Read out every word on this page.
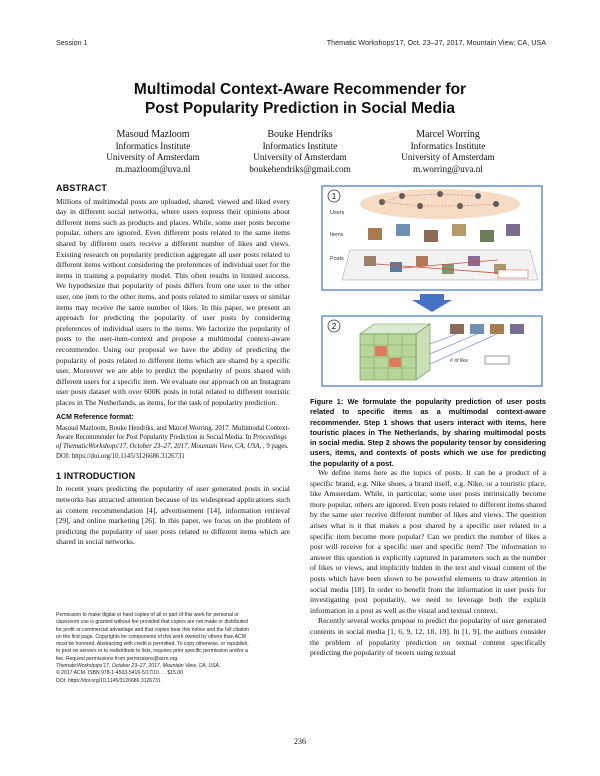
Session 1	Thematic Workshops'17, Oct. 23–27, 2017, Mountain View, CA, USA
Multimodal Context-Aware Recommender for
Post Popularity Prediction in Social Media
Masoud Mazloom
Informatics Institute
University of Amsterdam
m.mazloom@uva.nl
Bouke Hendriks
Informatics Institute
University of Amsterdam
boukehendriks@gmail.com
Marcel Worring
Informatics Institute
University of Amsterdam
m.worring@uva.nl
ABSTRACT

Millions of multimodal posts are uploaded, shared, viewed and liked every day in different social networks, where users express their opinions about different items such as products and places. While, some user posts become popular, others are ignored. Even different posts related to the same items shared by different users receive a different number of likes and views. Existing research on popularity prediction aggregate all user posts related to different items without considering the preferences of individual user for the items in training a popularity model. This often results in limited success. We hypothesize that popularity of posts differs from one user to the other user, one item to the other items, and posts related to similar users or similar items may receive the same number of likes. In this paper, we present an approach for predicting the popularity of user posts by considering preferences of individual users to the items. We factorize the popularity of posts to the user-item-context and propose a multimodal context-aware recommender. Using our proposal we have the ability of predicting the popularity of posts related to different items which are shared by a specific user. Moreover we are able to predict the popularity of posts shared with different users for a specific item. We evaluate our approach on an Instagram user posts dataset with over 600K posts in total related to different touristic places in The Netherlands, as items, for the task of popularity prediction.

ACM Reference format:
Masoud Mazloom, Bouke Hendriks, and Marcel Worring. 2017. Multimodal Context-Aware Recommender for Post Popularity Prediction in Social Media. In Proceedings of ThematicWorkshops'17, October 23–27, 2017, Mountain View, CA, USA, , 9 pages.
DOI: https://doi.org/10.1145/3126686.3126731
1 INTRODUCTION

In recent years predicting the popularity of user generated posts in social networks has attracted attention because of its widespread applications such as content recommendation [4], advertisement [14], information retrieval [29], and online marketing [26]. In this paper, we focus on the problem of predicting the popularity of user posts related to different items which are shared in social networks.

Permission to make digital or hard copies of all or part of this work for personal or
classroom use is granted without fee provided that copies are not made or distributed
for profit or commercial advantage and that copies bear this notice and the full citation
on the first page. Copyrights for components of this work owned by others than ACM
must be honored. Abstracting with credit is permitted. To copy otherwise, or republish,
to post on servers or to redistribute to lists, requires prior specific permission and/or a
fee. Request permissions from permissions@acm.org.
ThematicWorkshops'17, October 23–27, 2017, Mountain View, CA, USA.
© 2017 ACM. ISBN 978-1-4503-5416-5/17/10. . . $15.00
DOI: https://doi.org/10.1145/3126686.3126731
1
Users
Items
Posts
2
# of like
Figure 1: We formulate the popularity prediction of user posts related to specific items as a multimodal context-aware recommender. Step 1 shows that users interact with items, here touristic places in The Netherlands, by sharing multimodal posts in social media. Step 2 shows the popularity tensor by considering users, items, and contexts of posts which we use for predicting the popularity of a post.

We define items here as the topics of posts. It can be a product of a specific brand, e.g. Nike shoes, a brand itself, e.g. Nike, or a touristic place, like Amsterdam. While, in particular, some user posts intrinsically become more popular, others are ignored. Even posts related to different items shared by the same user receive different number of likes and views. The question arises what is it that makes a post shared by a specific user related to a specific item become more popular? Can we predict the number of likes a post will receive for a specific user and specific item? The information to answer this question is explicitly captured in parameters such as the number of likes or views, and implicitly hidden in the text and visual content of the posts which have been shown to be powerful elements to draw attention in social media [18]. In order to benefit from the information in user posts for investigating post popularity, we need to leverage both the explicit information in a post as well as the visual and textual context.

Recently several works propose to predict the popularity of user generated contents in social media [1, 6, 9, 12, 18, 19]. In [1, 9], the authors consider the problem of popularity prediction on textual content specifically predicting the popularity of tweets using textual

236
